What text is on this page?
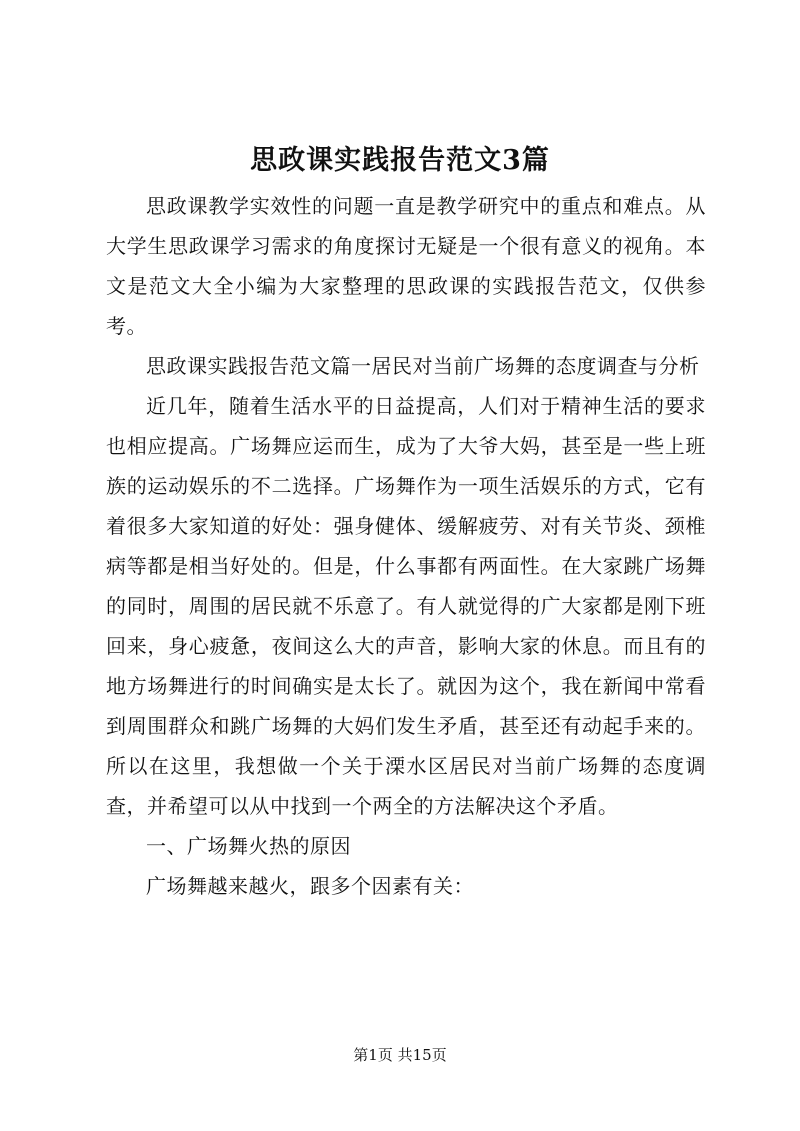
思政课实践报告范文3篇

思政课教学实效性的问题一直是教学研究中的重点和难点。从大学生思政课学习需求的角度探讨无疑是一个很有意义的视角。本文是范文大全小编为大家整理的思政课的实践报告范文，仅供参考。

思政课实践报告范文篇一居民对当前广场舞的态度调查与分析

近几年，随着生活水平的日益提高，人们对于精神生活的要求也相应提高。广场舞应运而生，成为了大爷大妈，甚至是一些上班族的运动娱乐的不二选择。广场舞作为一项生活娱乐的方式，它有着很多大家知道的好处：强身健体、缓解疲劳、对有关节炎、颈椎病等都是相当好处的。但是，什么事都有两面性。在大家跳广场舞的同时，周围的居民就不乐意了。有人就觉得的广大家都是刚下班回来，身心疲惫，夜间这么大的声音，影响大家的休息。而且有的地方场舞进行的时间确实是太长了。就因为这个，我在新闻中常看到周围群众和跳广场舞的大妈们发生矛盾，甚至还有动起手来的。所以在这里，我想做一个关于溧水区居民对当前广场舞的态度调查，并希望可以从中找到一个两全的方法解决这个矛盾。

一、广场舞火热的原因

广场舞越来越火，跟多个因素有关：

第1页 共15页
